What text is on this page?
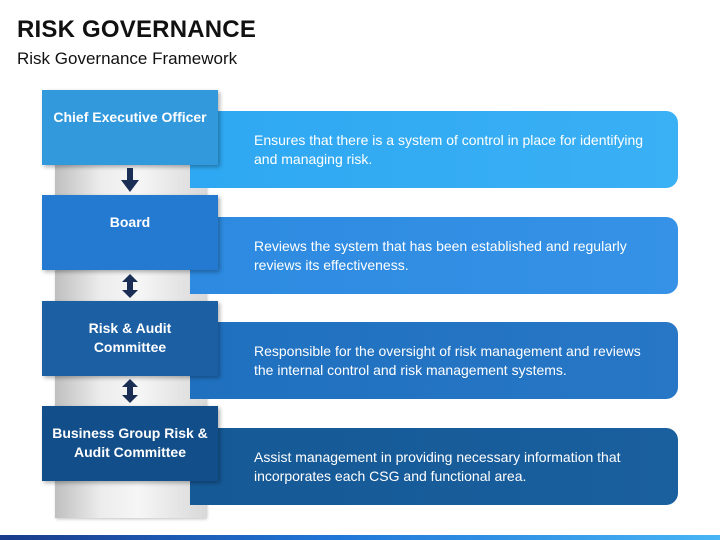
RISK GOVERNANCE
Risk Governance Framework
Ensures that there is a system of control in place for identifying and managing risk.
Reviews the system that has been established and regularly reviews its effectiveness.
Responsible for the oversight of risk management and reviews the internal control and risk management systems.
Assist management in providing necessary information that incorporates each CSG and functional area.
Chief Executive Officer
Board
Risk & Audit Committee
Business Group Risk & Audit Committee
